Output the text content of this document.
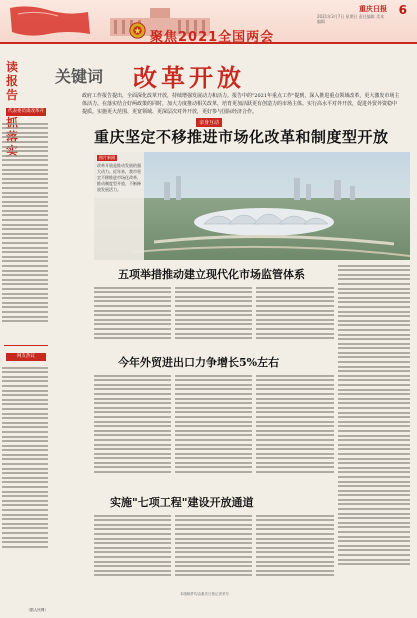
聚焦2021全国两会
重庆日报
2021年3月7日 星期日 责任编辑 美术编辑
6
读报告 抓落
代表委员谈改革开放
网友热议
（据人民网）
关键词 改革开放
政府工作报告提出，全面深化改革开放，持续增强发展动力和活力。报告中的"2021年重点工作"提到，深入推进重点领域改革，更大激发市场主体活力。在落实结合好两政策的同时，加大力度推动相关改革，培育更加活跃更有创造力的市场主体。实行高水平对外开放，促进外贸外资稳中提质。实施更大范围、更宽领域、更深层次对外开放，更好参与国际经济合作。
亲身互动
重庆坚定不移推进市场化改革和制度型开放
图片新闻
改革开放是推动发展的强大动力。近年来，我市坚定不移推进市场化改革，推动制度型开放，不断释放发展活力。
五项举措推动建立现代化市场监管体系
今年外贸进出口力争增长5%左右
实施"七项工程"建设开放通道
本版稿件均由重庆日报记者采写
